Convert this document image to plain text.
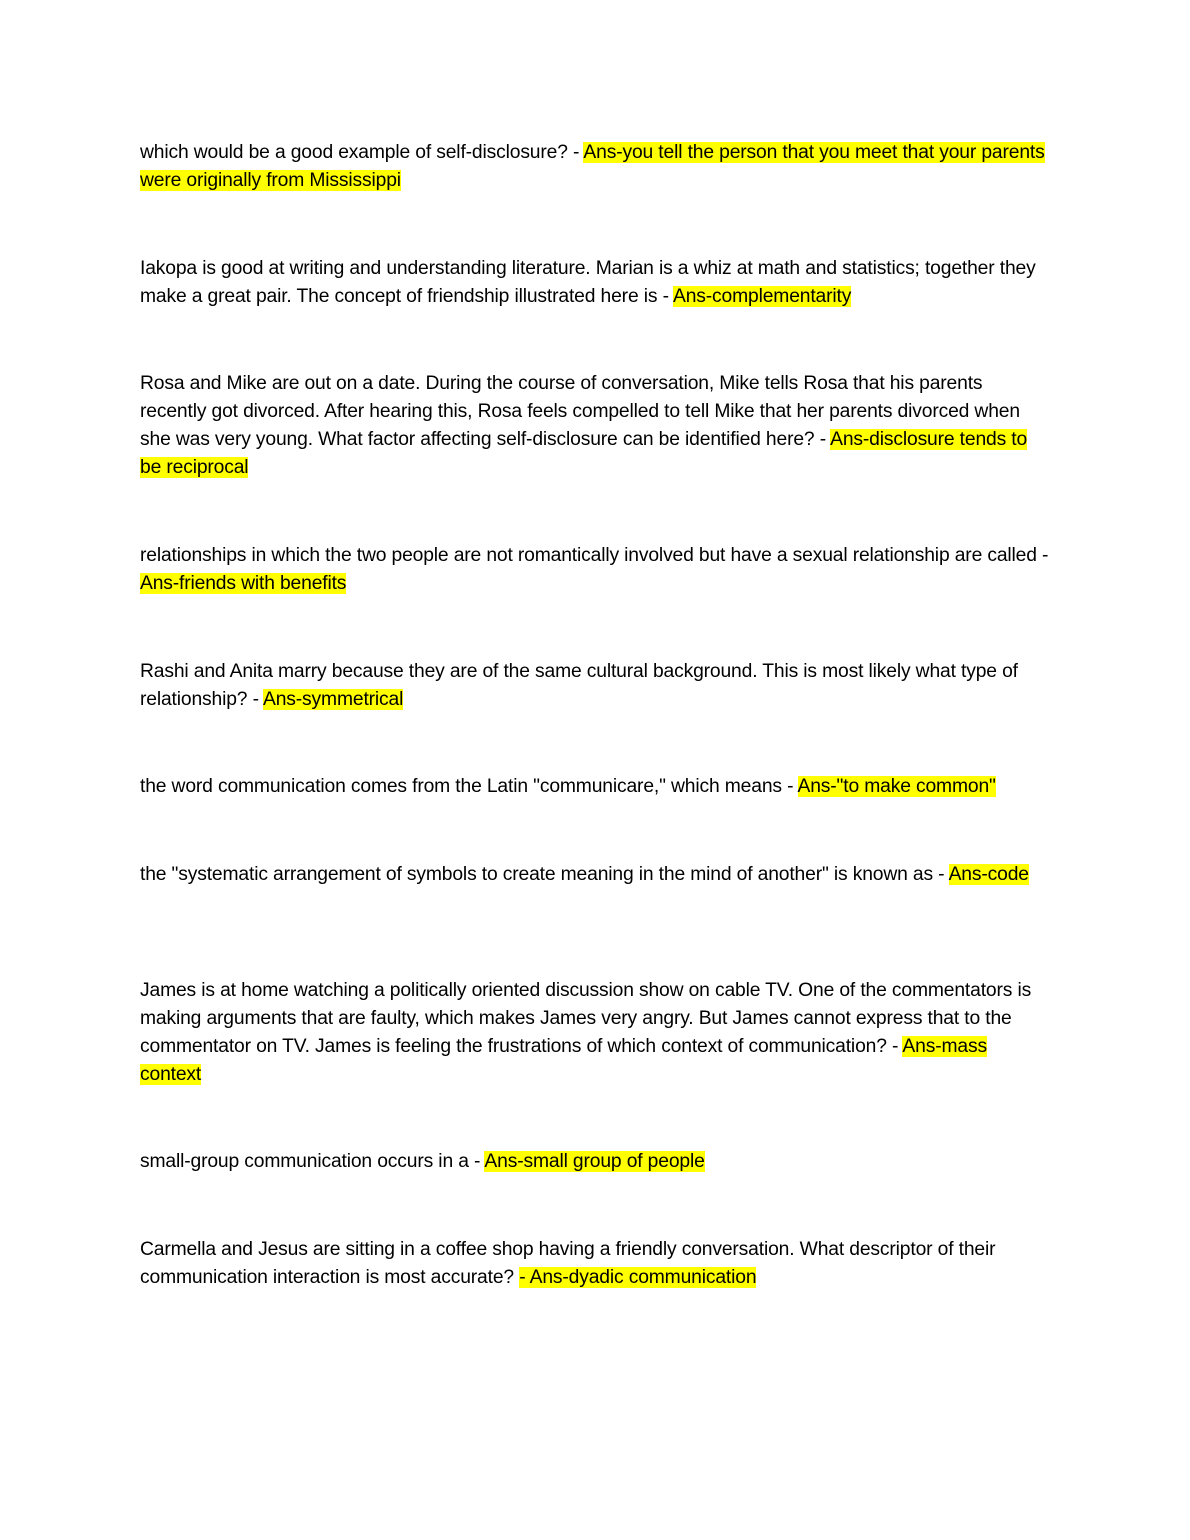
which would be a good example of self-disclosure? - Ans-you tell the person that you meet that your parents were originally from Mississippi

Iakopa is good at writing and understanding literature. Marian is a whiz at math and statistics; together they make a great pair. The concept of friendship illustrated here is - Ans-complementarity

Rosa and Mike are out on a date. During the course of conversation, Mike tells Rosa that his parents recently got divorced. After hearing this, Rosa feels compelled to tell Mike that her parents divorced when she was very young. What factor affecting self-disclosure can be identified here? - Ans-disclosure tends to be reciprocal

relationships in which the two people are not romantically involved but have a sexual relationship are called - Ans-friends with benefits

Rashi and Anita marry because they are of the same cultural background. This is most likely what type of relationship? - Ans-symmetrical

the word communication comes from the Latin "communicare," which means - Ans-"to make common"

the "systematic arrangement of symbols to create meaning in the mind of another" is known as - Ans-code

James is at home watching a politically oriented discussion show on cable TV. One of the commentators is making arguments that are faulty, which makes James very angry. But James cannot express that to the commentator on TV. James is feeling the frustrations of which context of communication? - Ans-mass context

small-group communication occurs in a - Ans-small group of people

Carmella and Jesus are sitting in a coffee shop having a friendly conversation. What descriptor of their communication interaction is most accurate? - Ans-dyadic communication
